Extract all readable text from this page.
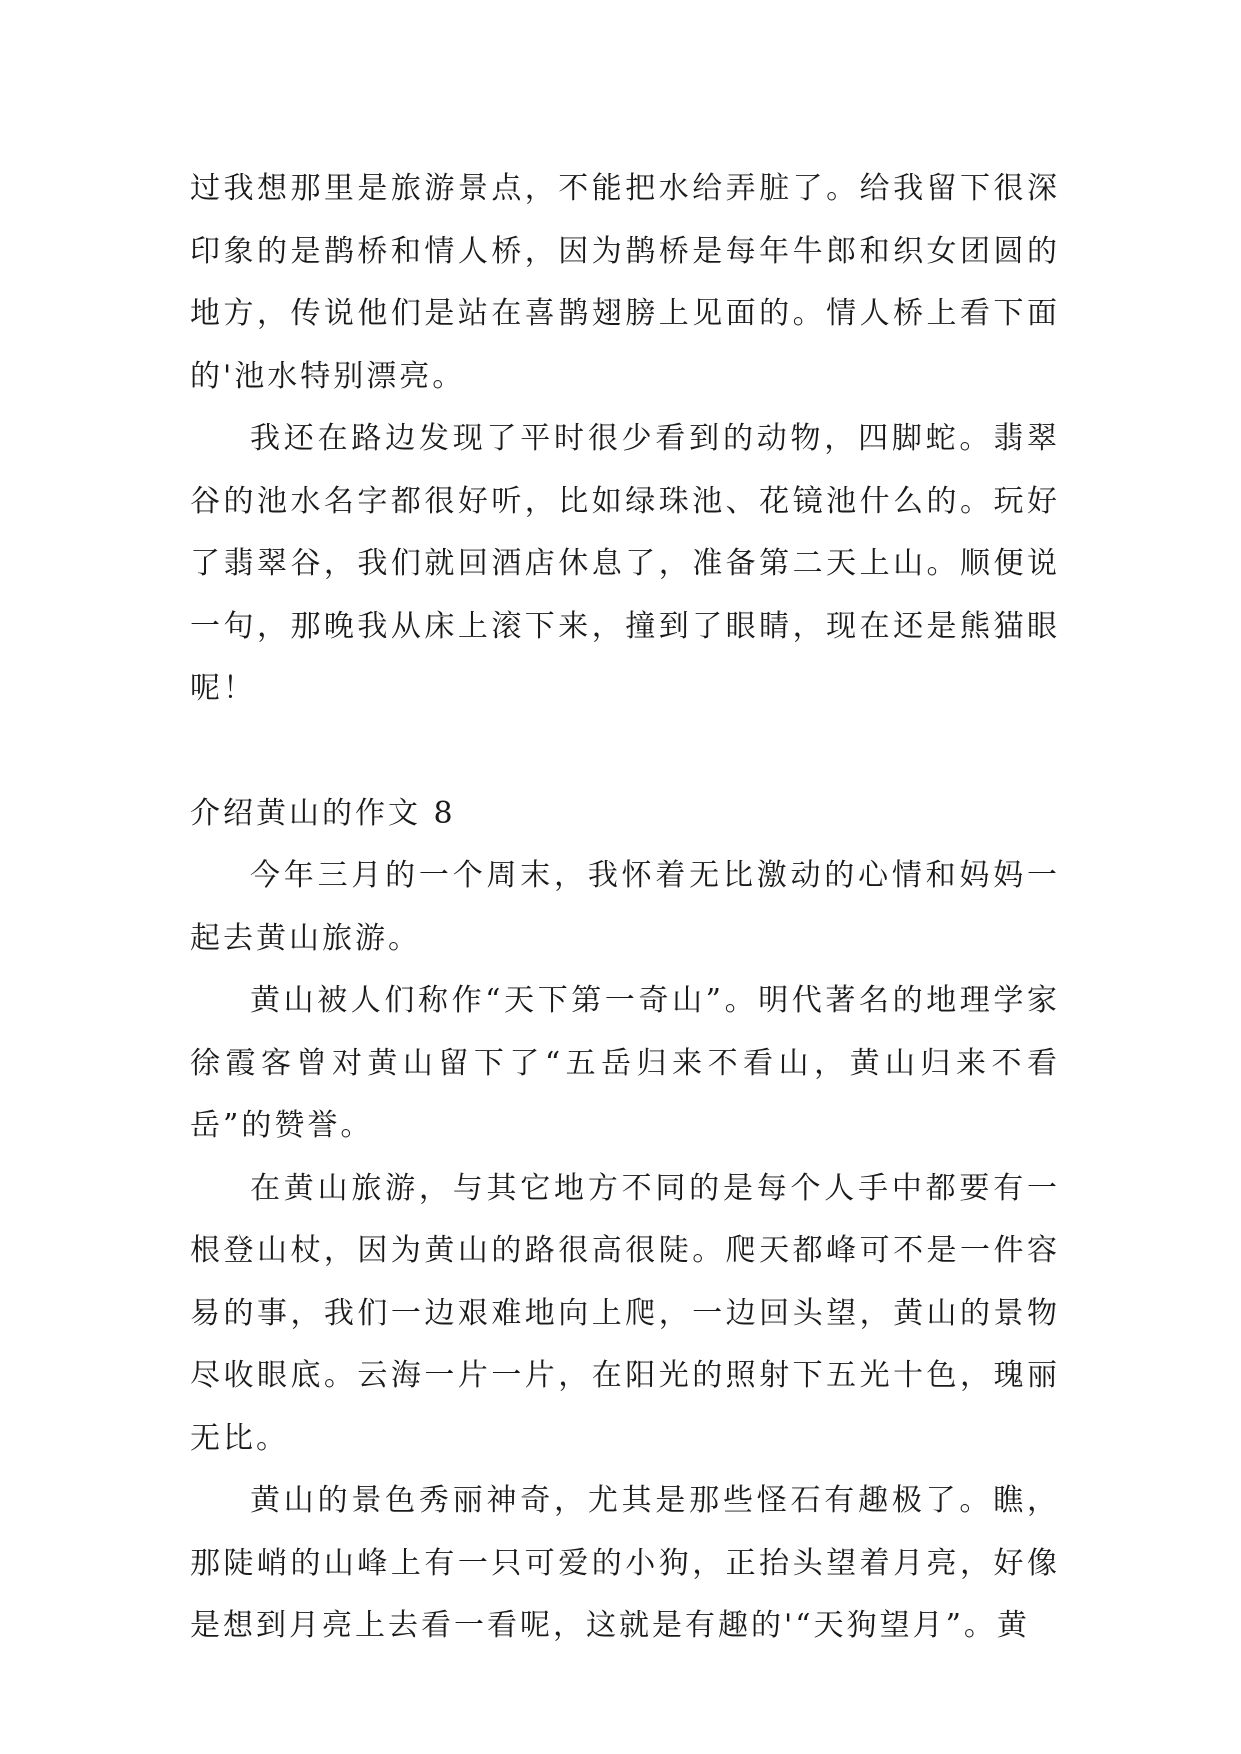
过我想那里是旅游景点，不能把水给弄脏了。给我留下很深印象的是鹊桥和情人桥，因为鹊桥是每年牛郎和织女团圆的地方，传说他们是站在喜鹊翅膀上见面的。情人桥上看下面的'池水特别漂亮。

我还在路边发现了平时很少看到的动物，四脚蛇。翡翠谷的池水名字都很好听，比如绿珠池、花镜池什么的。玩好了翡翠谷，我们就回酒店休息了，准备第二天上山。顺便说一句，那晚我从床上滚下来，撞到了眼睛，现在还是熊猫眼呢！

介绍黄山的作文 8

今年三月的一个周末，我怀着无比激动的心情和妈妈一起去黄山旅游。

黄山被人们称作“天下第一奇山”。明代著名的地理学家徐霞客曾对黄山留下了“五岳归来不看山，黄山归来不看岳”的赞誉。

在黄山旅游，与其它地方不同的是每个人手中都要有一根登山杖，因为黄山的路很高很陡。爬天都峰可不是一件容易的事，我们一边艰难地向上爬，一边回头望，黄山的景物尽收眼底。云海一片一片，在阳光的照射下五光十色，瑰丽无比。

黄山的景色秀丽神奇，尤其是那些怪石有趣极了。瞧，那陡峭的山峰上有一只可爱的小狗，正抬头望着月亮，好像是想到月亮上去看一看呢，这就是有趣的'“天狗望月”。黄
